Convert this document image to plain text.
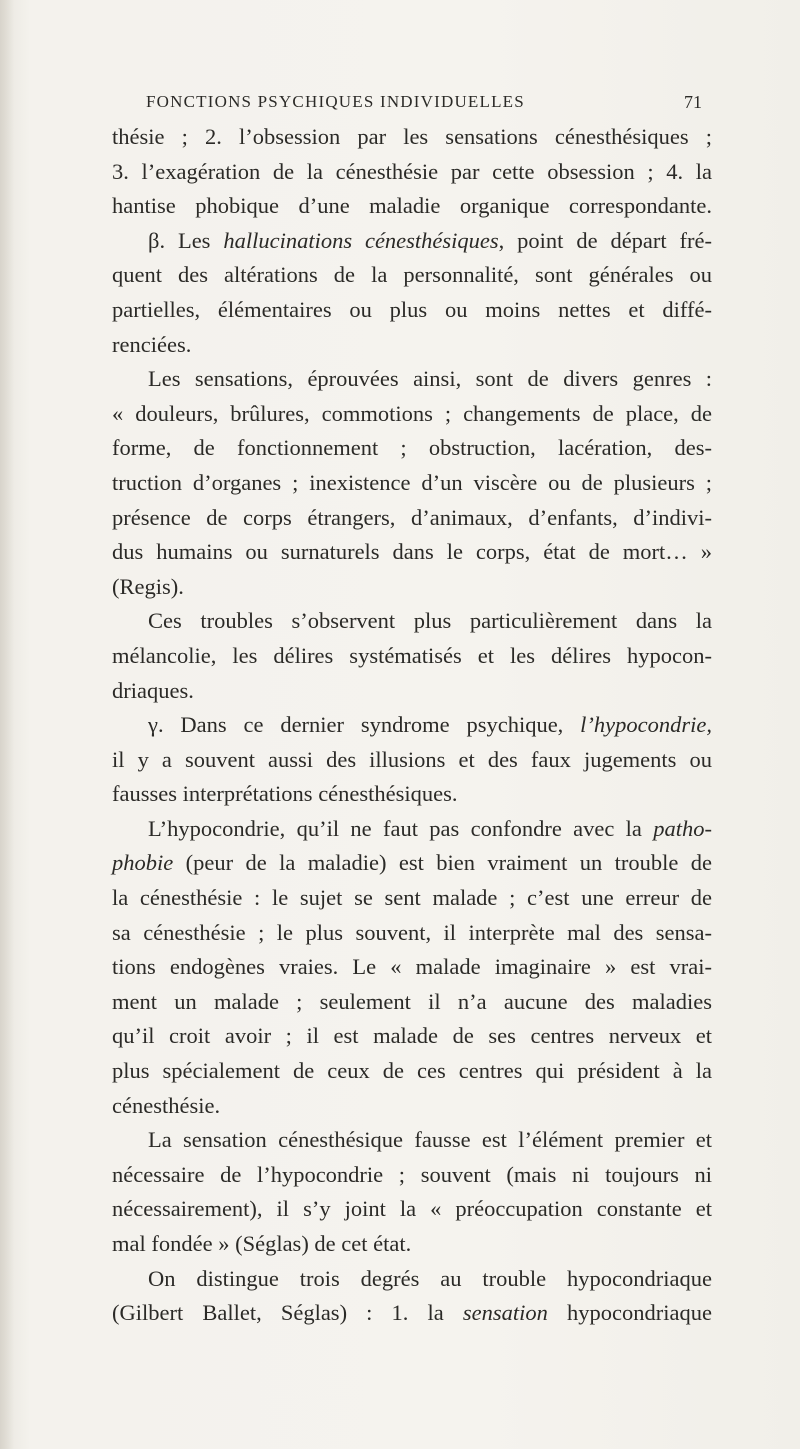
FONCTIONS PSYCHIQUES INDIVIDUELLES	71
thésie ; 2. l’obsession par les sensations cénesthésiques ;
3. l’exagération de la cénesthésie par cette obsession ; 4. la
hantise phobique d’une maladie organique correspondante.
β. Les hallucinations cénesthésiques, point de départ fré-
quent des altérations de la personnalité, sont générales ou
partielles, élémentaires ou plus ou moins nettes et diffé-
renciées.
Les sensations, éprouvées ainsi, sont de divers genres :
« douleurs, brûlures, commotions ; changements de place, de
forme, de fonctionnement ; obstruction, lacération, des-
truction d’organes ; inexistence d’un viscère ou de plusieurs ;
présence de corps étrangers, d’animaux, d’enfants, d’indivi-
dus humains ou surnaturels dans le corps, état de mort… »
(Regis).
Ces troubles s’observent plus particulièrement dans la
mélancolie, les délires systématisés et les délires hypocon-
driaques.
γ. Dans ce dernier syndrome psychique, l’hypocondrie,
il y a souvent aussi des illusions et des faux jugements ou
fausses interprétations cénesthésiques.
L’hypocondrie, qu’il ne faut pas confondre avec la patho-
phobie (peur de la maladie) est bien vraiment un trouble de
la cénesthésie : le sujet se sent malade ; c’est une erreur de
sa cénesthésie ; le plus souvent, il interprète mal des sensa-
tions endogènes vraies. Le « malade imaginaire » est vrai-
ment un malade ; seulement il n’a aucune des maladies
qu’il croit avoir ; il est malade de ses centres nerveux et
plus spécialement de ceux de ces centres qui président à la
cénesthésie.
La sensation cénesthésique fausse est l’élément premier et
nécessaire de l’hypocondrie ; souvent (mais ni toujours ni
nécessairement), il s’y joint la « préoccupation constante et
mal fondée » (Séglas) de cet état.
On distingue trois degrés au trouble hypocondriaque
(Gilbert Ballet, Séglas) : 1. la sensation hypocondriaque
